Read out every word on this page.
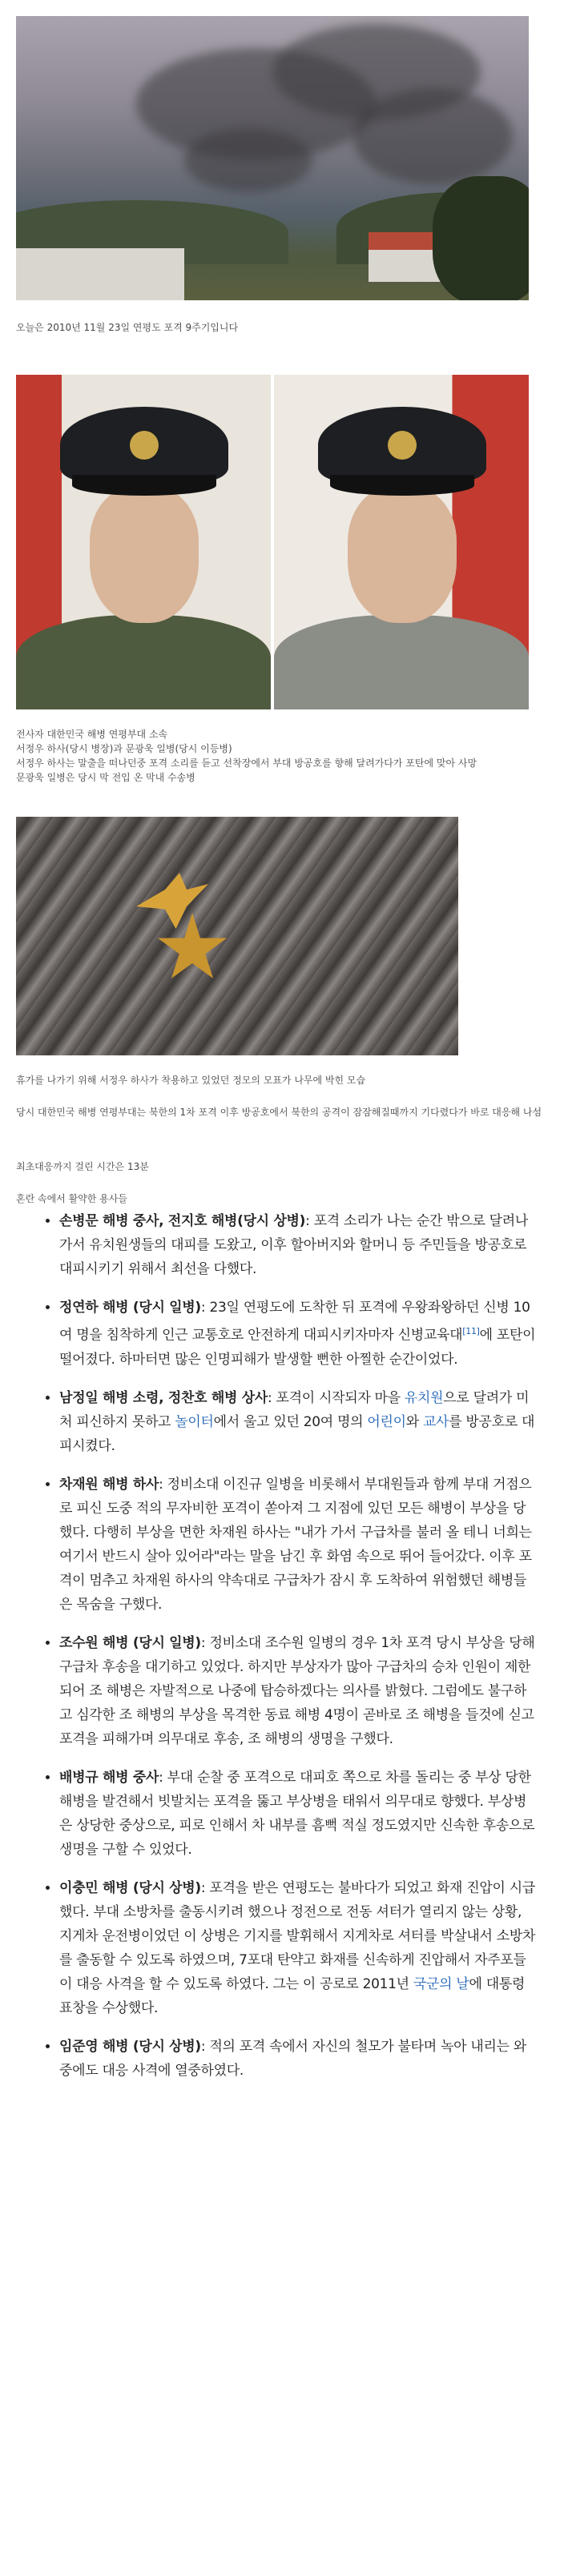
오늘은 2010년 11월 23일 연평도 포격 9주기입니다
전사자 대한민국 해병 연평부대 소속
서정우 하사(당시 병장)과 문광욱 일병(당시 이등병)
서정우 하사는 말출을 떠나던중 포격 소리를 듣고 선착장에서 부대 방공호를 향해 달려가다가 포탄에 맞아 사망
문광욱 일병은 당시 막 전입 온 막내 수송병
휴가를 나가기 위해 서정우 하사가 착용하고 있었던 정모의 모표가 나무에 박힌 모습
당시 대한민국 해병 연평부대는 북한의 1차 포격 이후 방공호에서 북한의 공격이 잠잠해질때까지 기다렸다가 바로 대응해 나섬
최초대응까지 걸린 시간은 13분
혼란 속에서 활약한 용사들
• 손병문 해병 중사, 전지호 해병(당시 상병): 포격 소리가 나는 순간 밖으로 달려나가서 유치원생들의 대피를 도왔고, 이후 할아버지와 할머니 등 주민들을 방공호로 대피시키기 위해서 최선을 다했다.
• 정연하 해병 (당시 일병): 23일 연평도에 도착한 뒤 포격에 우왕좌왕하던 신병 10여 명을 침착하게 인근 교통호로 안전하게 대피시키자마자 신병교육대[11]에 포탄이 떨어졌다. 하마터면 많은 인명피해가 발생할 뻔한 아찔한 순간이었다.
• 남정일 해병 소령, 정찬호 해병 상사: 포격이 시작되자 마을 유치원으로 달려가 미처 피신하지 못하고 놀이터에서 울고 있던 20여 명의 어린이와 교사를 방공호로 대피시켰다.
• 차재원 해병 하사: 정비소대 이진규 일병을 비롯해서 부대원들과 함께 부대 거점으로 피신 도중 적의 무자비한 포격이 쏟아져 그 지점에 있던 모든 해병이 부상을 당했다. 다행히 부상을 면한 차재원 하사는 "내가 가서 구급차를 불러 올 테니 너희는 여기서 반드시 살아 있어라"라는 말을 남긴 후 화염 속으로 뛰어 들어갔다. 이후 포격이 멈추고 차재원 하사의 약속대로 구급차가 잠시 후 도착하여 위험했던 해병들은 목숨을 구했다.
• 조수원 해병 (당시 일병): 정비소대 조수원 일병의 경우 1차 포격 당시 부상을 당해 구급차 후송을 대기하고 있었다. 하지만 부상자가 많아 구급차의 승차 인원이 제한되어 조 해병은 자발적으로 나중에 탑승하겠다는 의사를 밝혔다. 그럼에도 불구하고 심각한 조 해병의 부상을 목격한 동료 해병 4명이 곧바로 조 해병을 들것에 싣고 포격을 피해가며 의무대로 후송, 조 해병의 생명을 구했다.
• 배병규 해병 중사: 부대 순찰 중 포격으로 대피호 쪽으로 차를 돌리는 중 부상 당한 해병을 발견해서 빗발치는 포격을 뚫고 부상병을 태워서 의무대로 향했다. 부상병은 상당한 중상으로, 피로 인해서 차 내부를 흠뻑 적실 정도였지만 신속한 후송으로 생명을 구할 수 있었다.
• 이충민 해병 (당시 상병): 포격을 받은 연평도는 불바다가 되었고 화재 진압이 시급했다. 부대 소방차를 출동시키려 했으나 정전으로 전동 셔터가 열리지 않는 상황, 지게차 운전병이었던 이 상병은 기지를 발휘해서 지게차로 셔터를 박살내서 소방차를 출동할 수 있도록 하였으며, 7포대 탄약고 화재를 신속하게 진압해서 자주포들이 대응 사격을 할 수 있도록 하였다. 그는 이 공로로 2011년 국군의 날에 대통령 표창을 수상했다.
• 임준영 해병 (당시 상병): 적의 포격 속에서 자신의 철모가 불타며 녹아 내리는 와중에도 대응 사격에 열중하였다.
